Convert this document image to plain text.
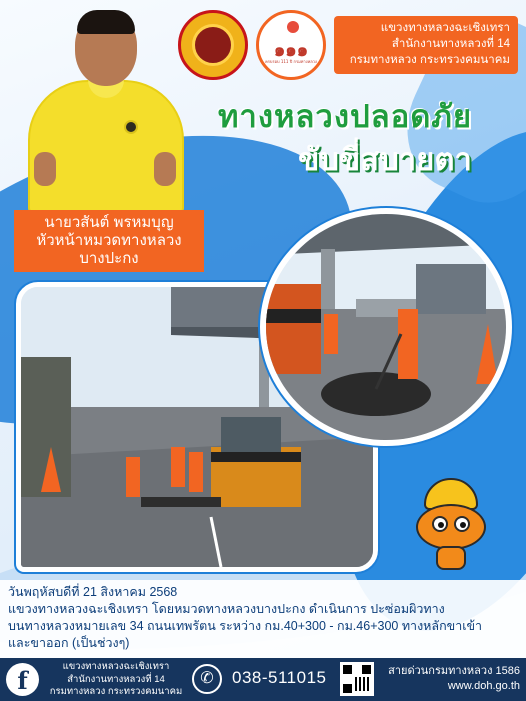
๑๑๑
ครบรอบ 111 ปี กรมทางหลวง
แขวงทางหลวงฉะเชิงเทรา
สำนักงานทางหลวงที่ 14
กรมทางหลวง กระทรวงคมนาคม
ทางหลวงปลอดภัย
ขับขี่สบายตา
นายวสันต์ พรหมบุญ
หัวหน้าหมวดทางหลวง
บางปะกง
วันพฤหัสบดีที่ 21 สิงหาคม 2568
แขวงทางหลวงฉะเชิงเทรา โดยหมวดทางหลวงบางปะกง ดำเนินการ ปะซ่อมผิวทาง
บนทางหลวงหมายเลข 34 ถนนเทพรัตน ระหว่าง กม.40+300 - กม.46+300 ทางหลักขาเข้า
และขาออก (เป็นช่วงๆ)
f	แขวงทางหลวงฉะเชิงเทรา
สำนักงานทางหลวงที่ 14
กรมทางหลวง กระทรวงคมนาคม
✆	038-511015	สายด่วนกรมทางหลวง 1586
www.doh.go.th
